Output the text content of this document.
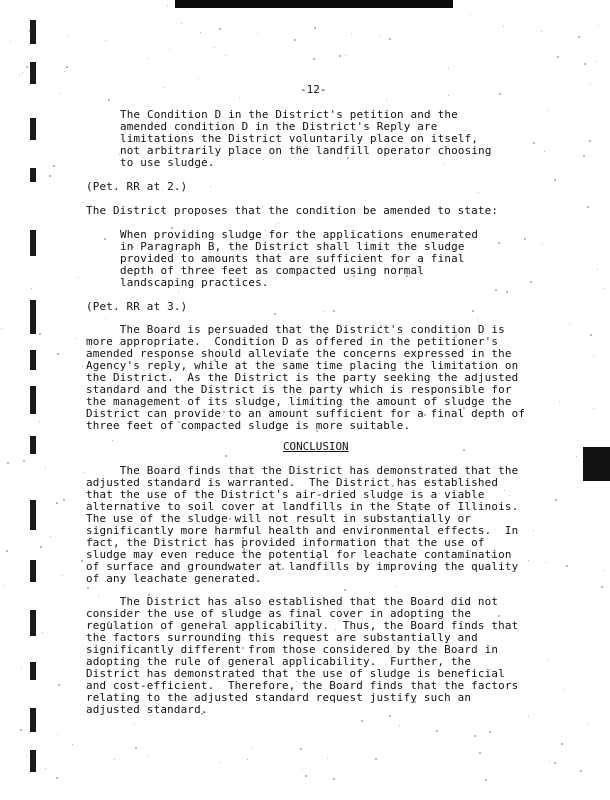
-12-
The Condition D in the District's petition and the
amended condition D in the District's Reply are
limitations the District voluntarily place on itself,
not arbitrarily place on the landfill operator choosing
to use sludge.
(Pet. RR at 2.)
The District proposes that the condition be amended to state:
When providing sludge for the applications enumerated
in Paragraph B, the District shall limit the sludge
provided to amounts that are sufficient for a final
depth of three feet as compacted using normal
landscaping practices.
(Pet. RR at 3.)
The Board is persuaded that the District's condition D is
more appropriate.  Condition D as offered in the petitioner's
amended response should alleviate the concerns expressed in the
Agency's reply, while at the same time placing the limitation on
the District.  As the District is the party seeking the adjusted
standard and the District is the party which is responsible for
the management of its sludge, limiting the amount of sludge the
District can provide to an amount sufficient for a final depth of
three feet of compacted sludge is more suitable.
CONCLUSION
The Board finds that the District has demonstrated that the
adjusted standard is warranted.  The District has established
that the use of the District's air-dried sludge is a viable
alternative to soil cover at landfills in the State of Illinois.
The use of the sludge will not result in substantially or
significantly more harmful health and environmental effects.  In
fact, the District has provided information that the use of
sludge may even reduce the potential for leachate contamination
of surface and groundwater at landfills by improving the quality
of any leachate generated.
The District has also established that the Board did not
consider the use of sludge as final cover in adopting the
regulation of general applicability.  Thus, the Board finds that
the factors surrounding this request are substantially and
significantly different from those considered by the Board in
adopting the rule of general applicability.  Further, the
District has demonstrated that the use of sludge is beneficial
and cost-efficient.  Therefore, the Board finds that the factors
relating to the adjusted standard request justify such an
adjusted standard.
